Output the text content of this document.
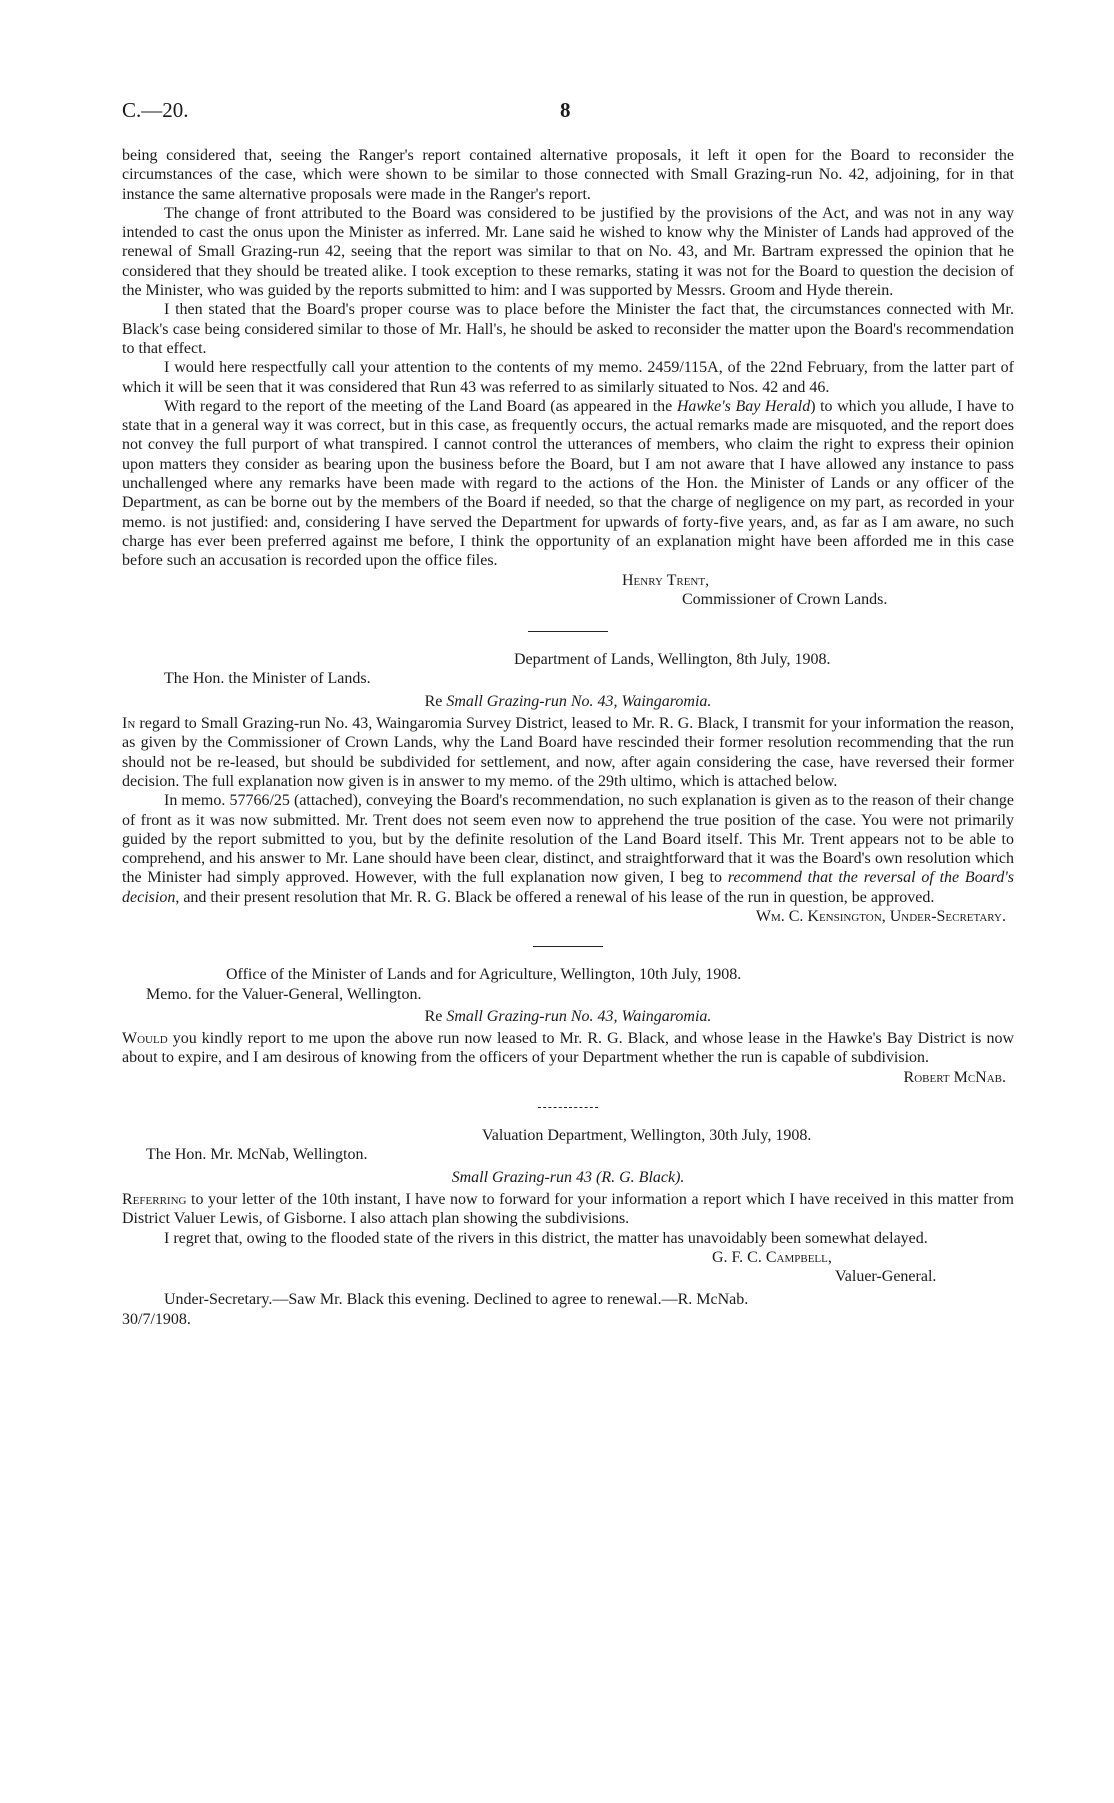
C.—20.	8

being considered that, seeing the Ranger's report contained alternative proposals, it left it open for the Board to reconsider the circumstances of the case, which were shown to be similar to those connected with Small Grazing-run No. 42, adjoining, for in that instance the same alternative proposals were made in the Ranger's report.

The change of front attributed to the Board was considered to be justified by the provisions of the Act, and was not in any way intended to cast the onus upon the Minister as inferred. Mr. Lane said he wished to know why the Minister of Lands had approved of the renewal of Small Grazing-run 42, seeing that the report was similar to that on No. 43, and Mr. Bartram expressed the opinion that he considered that they should be treated alike. I took exception to these remarks, stating it was not for the Board to question the decision of the Minister, who was guided by the reports submitted to him: and I was supported by Messrs. Groom and Hyde therein.

I then stated that the Board's proper course was to place before the Minister the fact that, the circumstances connected with Mr. Black's case being considered similar to those of Mr. Hall's, he should be asked to reconsider the matter upon the Board's recommendation to that effect.

I would here respectfully call your attention to the contents of my memo. 2459/115A, of the 22nd February, from the latter part of which it will be seen that it was considered that Run 43 was referred to as similarly situated to Nos. 42 and 46.

With regard to the report of the meeting of the Land Board (as appeared in the Hawke's Bay Herald) to which you allude, I have to state that in a general way it was correct, but in this case, as frequently occurs, the actual remarks made are misquoted, and the report does not convey the full purport of what transpired. I cannot control the utterances of members, who claim the right to express their opinion upon matters they consider as bearing upon the business before the Board, but I am not aware that I have allowed any instance to pass unchallenged where any remarks have been made with regard to the actions of the Hon. the Minister of Lands or any officer of the Department, as can be borne out by the members of the Board if needed, so that the charge of negligence on my part, as recorded in your memo. is not justified: and, considering I have served the Department for upwards of forty-five years, and, as far as I am aware, no such charge has ever been preferred against me before, I think the opportunity of an explanation might have been afforded me in this case before such an accusation is recorded upon the office files.

Henry Trent,

Commissioner of Crown Lands.

Department of Lands, Wellington, 8th July, 1908.

The Hon. the Minister of Lands.

Re Small Grazing-run No. 43, Waingaromia.

In regard to Small Grazing-run No. 43, Waingaromia Survey District, leased to Mr. R. G. Black, I transmit for your information the reason, as given by the Commissioner of Crown Lands, why the Land Board have rescinded their former resolution recommending that the run should not be re-leased, but should be subdivided for settlement, and now, after again considering the case, have reversed their former decision. The full explanation now given is in answer to my memo. of the 29th ultimo, which is attached below.

In memo. 57766/25 (attached), conveying the Board's recommendation, no such explanation is given as to the reason of their change of front as it was now submitted. Mr. Trent does not seem even now to apprehend the true position of the case. You were not primarily guided by the report submitted to you, but by the definite resolution of the Land Board itself. This Mr. Trent appears not to be able to comprehend, and his answer to Mr. Lane should have been clear, distinct, and straightforward that it was the Board's own resolution which the Minister had simply approved. However, with the full explanation now given, I beg to recommend that the reversal of the Board's decision, and their present resolution that Mr. R. G. Black be offered a renewal of his lease of the run in question, be approved.

Wm. C. Kensington, Under-Secretary.

Office of the Minister of Lands and for Agriculture, Wellington, 10th July, 1908.

Memo. for the Valuer-General, Wellington.

Re Small Grazing-run No. 43, Waingaromia.

Would you kindly report to me upon the above run now leased to Mr. R. G. Black, and whose lease in the Hawke's Bay District is now about to expire, and I am desirous of knowing from the officers of your Department whether the run is capable of subdivision.

Robert McNab.

Valuation Department, Wellington, 30th July, 1908.

The Hon. Mr. McNab, Wellington.

Small Grazing-run 43 (R. G. Black).

Referring to your letter of the 10th instant, I have now to forward for your information a report which I have received in this matter from District Valuer Lewis, of Gisborne. I also attach plan showing the subdivisions.

I regret that, owing to the flooded state of the rivers in this district, the matter has unavoidably been somewhat delayed.

G. F. C. Campbell,

Valuer-General.

Under-Secretary.—Saw Mr. Black this evening. Declined to agree to renewal.—R. McNab.

30/7/1908.
